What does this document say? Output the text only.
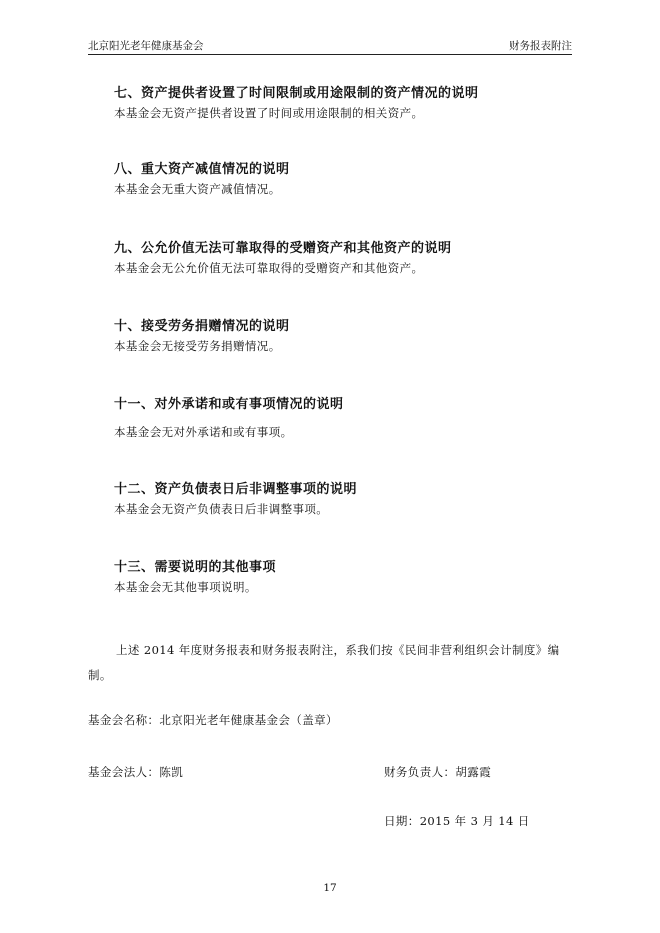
北京阳光老年健康基金会	财务报表附注
七、资产提供者设置了时间限制或用途限制的资产情况的说明

本基金会无资产提供者设置了时间或用途限制的相关资产。

八、重大资产减值情况的说明

本基金会无重大资产减值情况。

九、公允价值无法可靠取得的受赠资产和其他资产的说明

本基金会无公允价值无法可靠取得的受赠资产和其他资产。

十、接受劳务捐赠情况的说明

本基金会无接受劳务捐赠情况。

十一、对外承诺和或有事项情况的说明

本基金会无对外承诺和或有事项。

十二、资产负债表日后非调整事项的说明

本基金会无资产负债表日后非调整事项。

十三、需要说明的其他事项

本基金会无其他事项说明。

上述 2014 年度财务报表和财务报表附注，系我们按《民间非营利组织会计制度》编制。
基金会名称：北京阳光老年健康基金会（盖章）
基金会法人：陈凯	财务负责人：胡露霞
日期：2015 年 3 月 14 日
17
